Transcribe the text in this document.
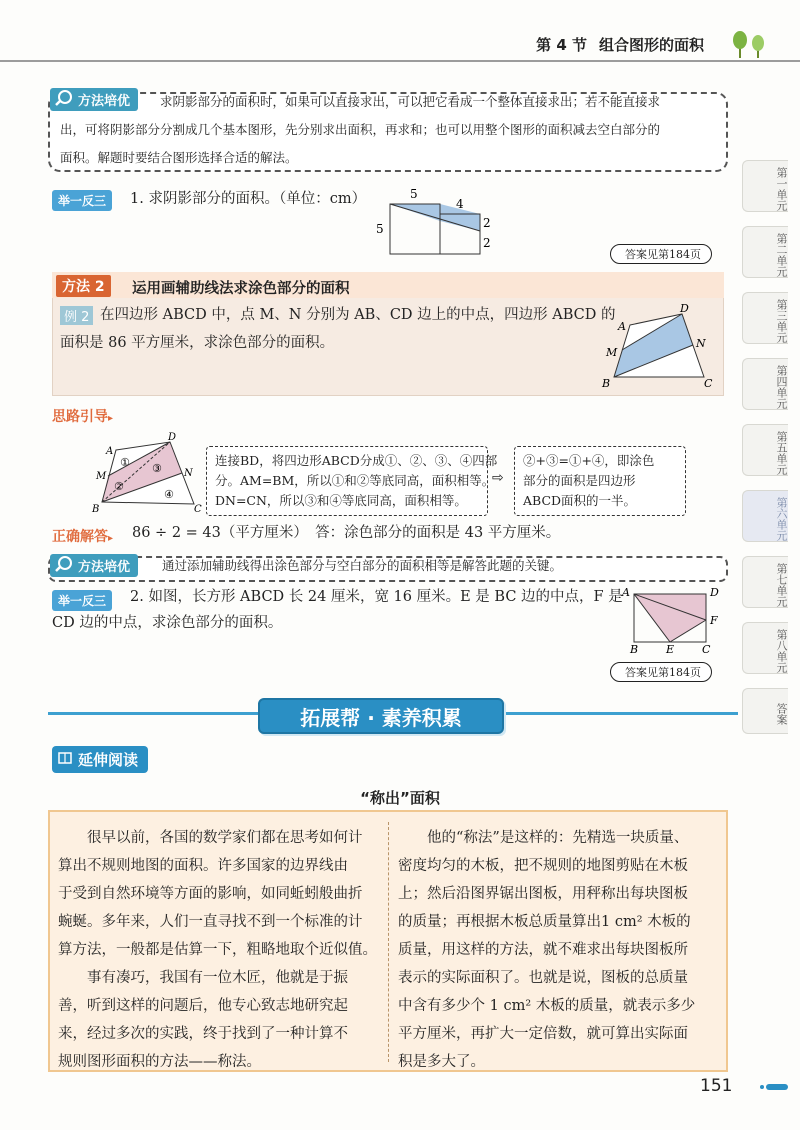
第 4 节 组合图形的面积
第一单元
第二单元
第三单元
第四单元
第五单元
第六单元
第七单元
第八单元
答案
方法培优	求阴影部分的面积时，如果可以直接求出，可以把它看成一个整体直接求出；若不能直接求
出，可将阴影部分分割成几个基本图形，先分别求出面积，再求和；也可以用整个图形的面积减去空白部分的
面积。解题时要结合图形选择合适的解法。
举一反三	1. 求阴影部分的面积。（单位：cm）	5
4
5	2
2
答案见第184页
方法 2	运用画辅助线法求涂色部分的面积
例 2 在四边形 ABCD 中，点 M、N 分别为 AB、CD 边上的中点，四边形 ABCD 的
面积是 86 平方厘米，求涂色部分的面积。
A
D
M
N
B	C
思路引导▸
A
D
N
M
B	C
①
②
③
④
连接BD，将四边形ABCD分成①、②、③、④四部
分。AM=BM，所以①和②等底同高，面积相等。
DN=CN，所以③和④等底同高，面积相等。
⇨
②+③=①+④，即涂色
部分的面积是四边形
ABCD面积的一半。
正确解答▸ 86 ÷ 2 = 43（平方厘米）　答：涂色部分的面积是 43 平方厘米。
方法培优	通过添加辅助线得出涂色部分与空白部分的面积相等是解答此题的关键。
举一反三	2. 如图，长方形 ABCD 长 24 厘米，宽 16 厘米。E 是 BC 边的中点，F 是
CD 边的中点，求涂色部分的面积。
A	D
F
B	E	C
答案见第184页
拓展帮 · 素养积累
延伸阅读
“称出”面积
　　很早以前，各国的数学家们都在思考如何计
算出不规则地图的面积。许多国家的边界线由
于受到自然环境等方面的影响，如同蚯蚓般曲折
蜿蜒。多年来，人们一直寻找不到一个标准的计
算方法，一般都是估算一下，粗略地取个近似值。
　　事有凑巧，我国有一位木匠，他就是于振
善，听到这样的问题后，他专心致志地研究起
来，经过多次的实践，终于找到了一种计算不
规则图形面积的方法——称法。
　　他的“称法”是这样的：先精选一块质量、
密度均匀的木板，把不规则的地图剪贴在木板
上；然后沿图界锯出图板，用秤称出每块图板
的质量；再根据木板总质量算出1 cm² 木板的
质量，用这样的方法，就不难求出每块图板所
表示的实际面积了。也就是说，图板的总质量
中含有多少个 1 cm² 木板的质量，就表示多少
平方厘米，再扩大一定倍数，就可算出实际面
积是多大了。
151
